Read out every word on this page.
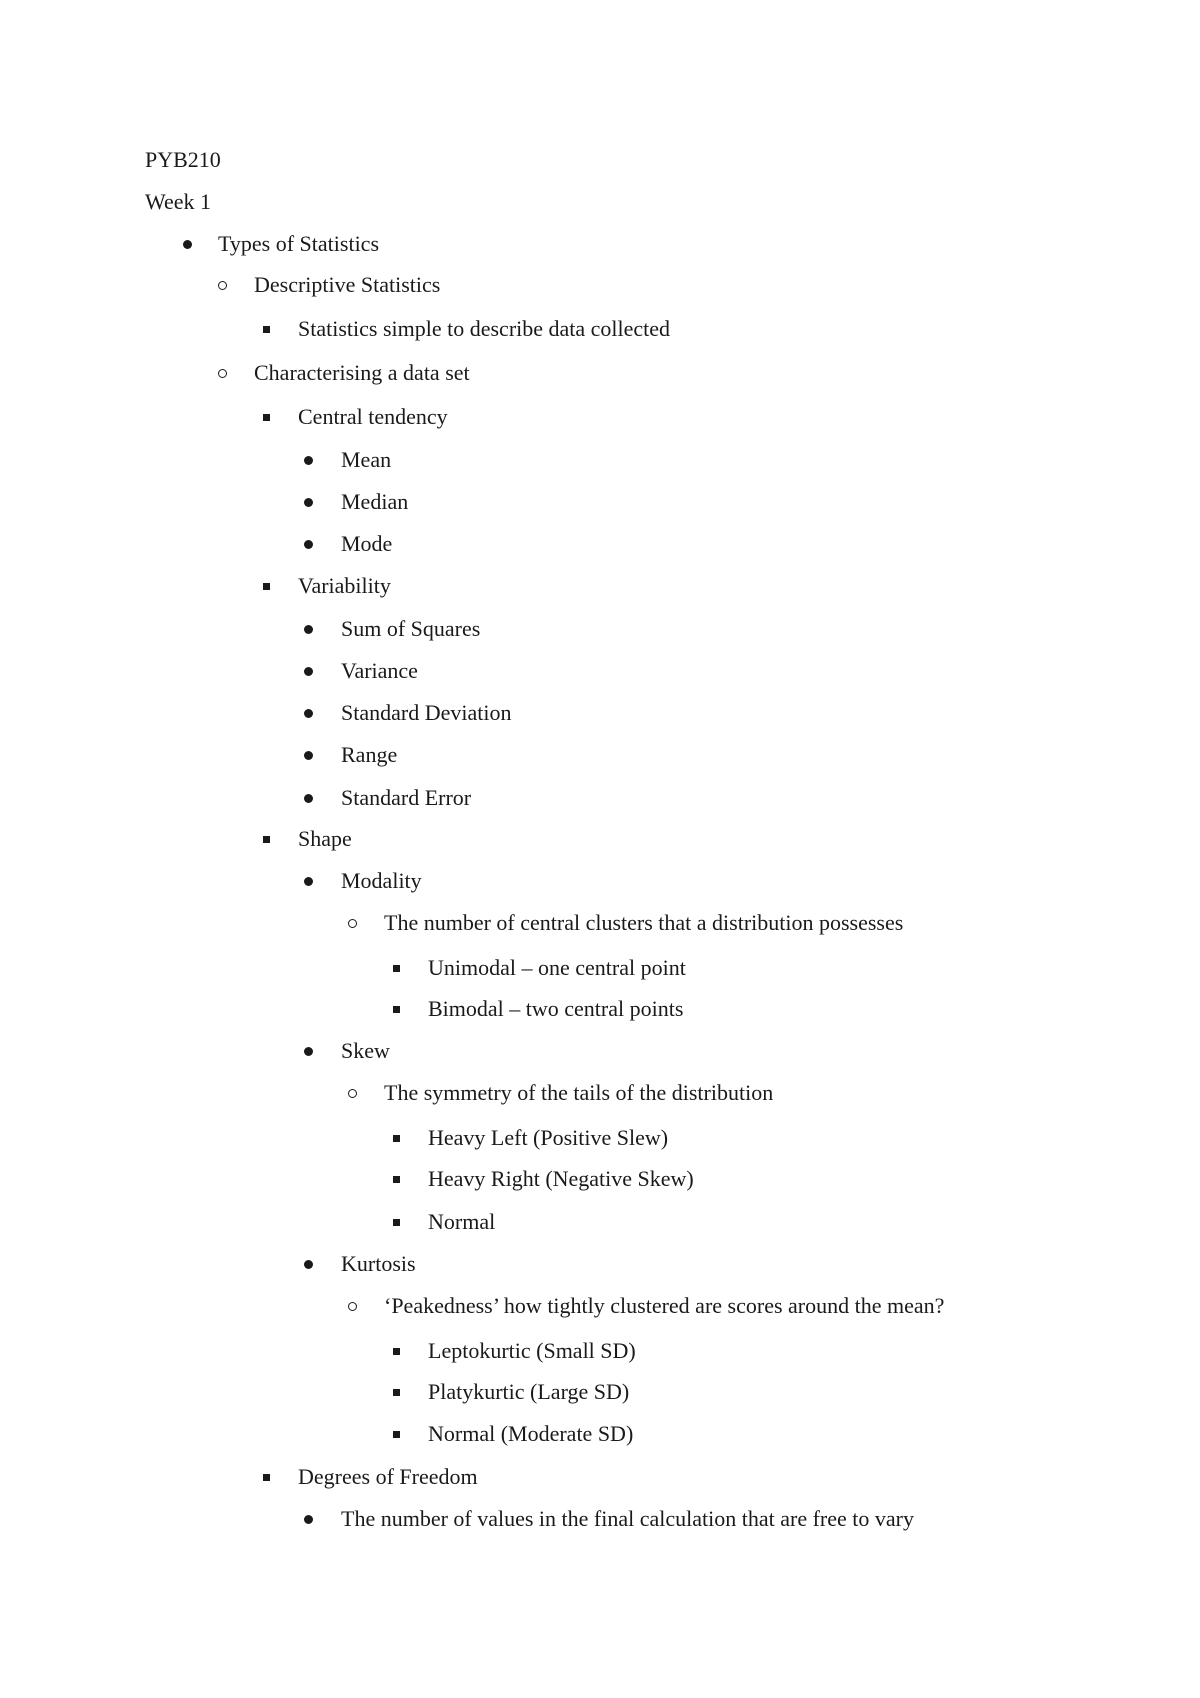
PYB210
Week 1
Types of Statistics
Descriptive Statistics
Statistics simple to describe data collected
Characterising a data set
Central tendency
Mean
Median
Mode
Variability
Sum of Squares
Variance
Standard Deviation
Range
Standard Error
Shape
Modality
The number of central clusters that a distribution possesses
Unimodal – one central point
Bimodal – two central points
Skew
The symmetry of the tails of the distribution
Heavy Left (Positive Slew)
Heavy Right (Negative Skew)
Normal
Kurtosis
‘Peakedness’ how tightly clustered are scores around the mean?
Leptokurtic (Small SD)
Platykurtic (Large SD)
Normal (Moderate SD)
Degrees of Freedom
The number of values in the final calculation that are free to vary
